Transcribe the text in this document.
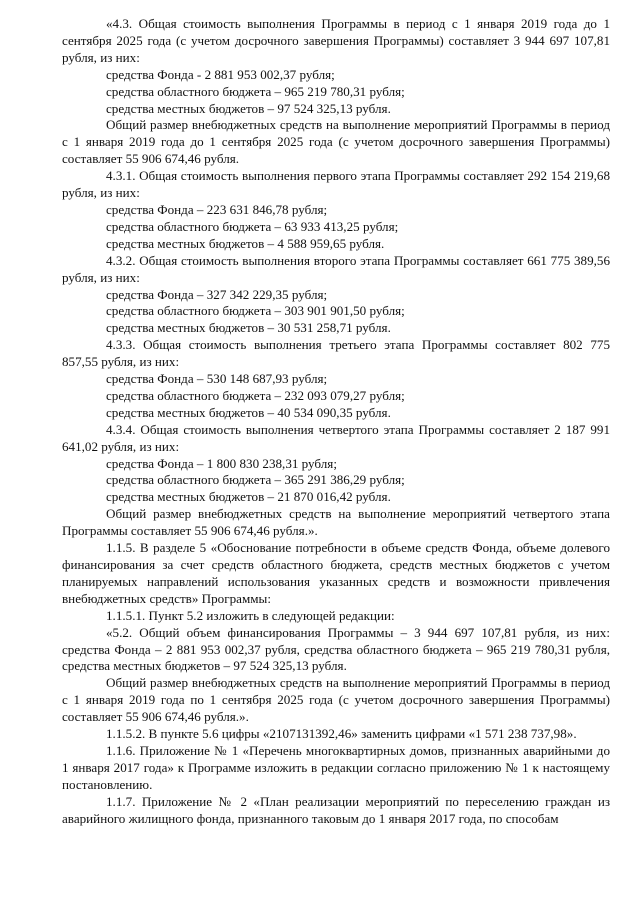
«4.3. Общая стоимость выполнения Программы в период с 1 января 2019 года до 1 сентября 2025 года (с учетом досрочного завершения Программы) составляет 3 944 697 107,81 рубля, из них:

средства Фонда - 2 881 953 002,37 рубля;

средства областного бюджета – 965 219 780,31 рубля;

средства местных бюджетов – 97 524 325,13 рубля.

Общий размер внебюджетных средств на выполнение мероприятий Программы в период с 1 января 2019 года до 1 сентября 2025 года (с учетом досрочного завершения Программы) составляет 55 906 674,46 рубля.

4.3.1. Общая стоимость выполнения первого этапа Программы составляет 292 154 219,68 рубля, из них:

средства Фонда – 223 631 846,78 рубля;

средства областного бюджета – 63 933 413,25 рубля;

средства местных бюджетов – 4 588 959,65 рубля.

4.3.2. Общая стоимость выполнения второго этапа Программы составляет 661 775 389,56 рубля, из них:

средства Фонда – 327 342 229,35 рубля;

средства областного бюджета – 303 901 901,50 рубля;

средства местных бюджетов – 30 531 258,71 рубля.

4.3.3. Общая стоимость выполнения третьего этапа Программы составляет 802 775 857,55 рубля, из них:

средства Фонда – 530 148 687,93 рубля;

средства областного бюджета – 232 093 079,27 рубля;

средства местных бюджетов – 40 534 090,35 рубля.

4.3.4. Общая стоимость выполнения четвертого этапа Программы составляет 2 187 991 641,02 рубля, из них:

средства Фонда – 1 800 830 238,31 рубля;

средства областного бюджета – 365 291 386,29 рубля;

средства местных бюджетов – 21 870 016,42 рубля.

Общий размер внебюджетных средств на выполнение мероприятий четвертого этапа Программы составляет 55 906 674,46 рубля.».

1.1.5. В разделе 5 «Обоснование потребности в объеме средств Фонда, объеме долевого финансирования за счет средств областного бюджета, средств местных бюджетов с учетом планируемых направлений использования указанных средств и возможности привлечения внебюджетных средств» Программы:

1.1.5.1. Пункт 5.2 изложить в следующей редакции:

«5.2. Общий объем финансирования Программы – 3 944 697 107,81 рубля, из них: средства Фонда – 2 881 953 002,37 рубля, средства областного бюджета – 965 219 780,31 рубля, средства местных бюджетов – 97 524 325,13 рубля.

Общий размер внебюджетных средств на выполнение мероприятий Программы в период с 1 января 2019 года по 1 сентября 2025 года (с учетом досрочного завершения Программы) составляет 55 906 674,46 рубля.».

1.1.5.2. В пункте 5.6 цифры «2107131392,46» заменить цифрами «1 571 238 737,98».

1.1.6. Приложение № 1 «Перечень многоквартирных домов, признанных аварийными до 1 января 2017 года» к Программе изложить в редакции согласно приложению № 1 к настоящему постановлению.

1.1.7. Приложение № 2 «План реализации мероприятий по переселению граждан из аварийного жилищного фонда, признанного таковым до 1 января 2017 года, по способам
